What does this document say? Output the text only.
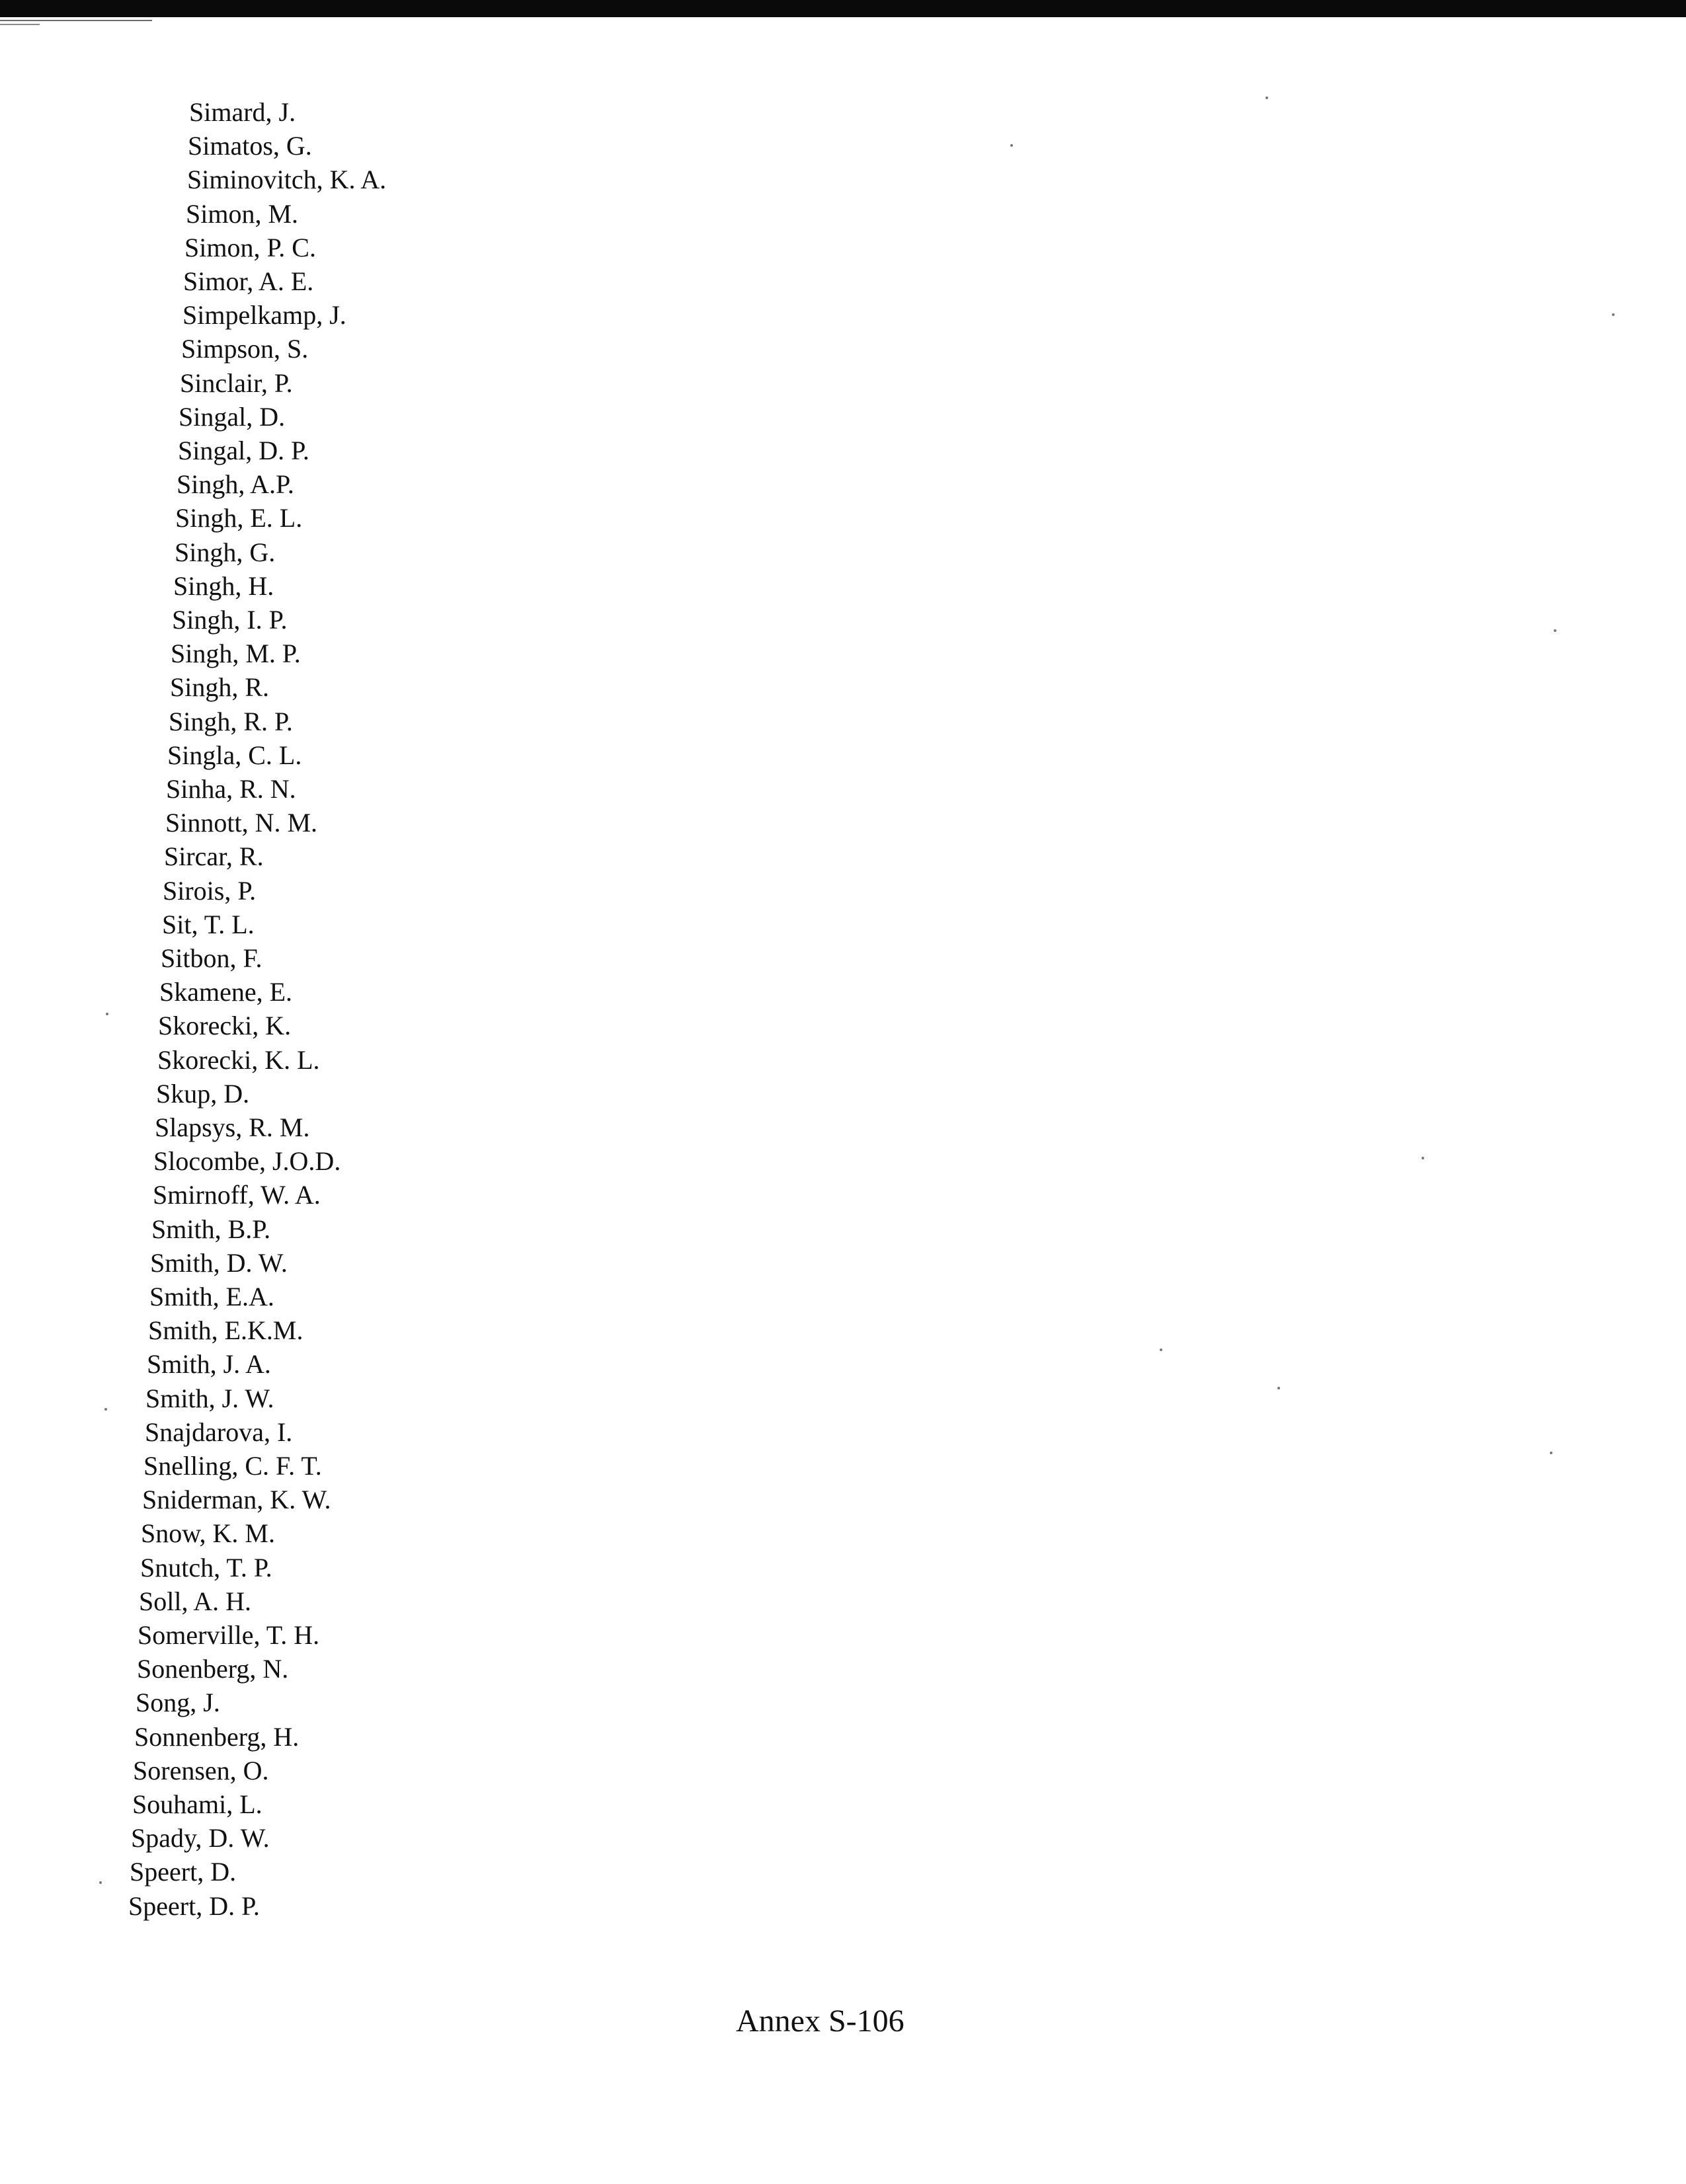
Simard, J.
Simatos, G.
Siminovitch, K. A.
Simon, M.
Simon, P. C.
Simor, A. E.
Simpelkamp, J.
Simpson, S.
Sinclair, P.
Singal, D.
Singal, D. P.
Singh, A.P.
Singh, E. L.
Singh, G.
Singh, H.
Singh, I. P.
Singh, M. P.
Singh, R.
Singh, R. P.
Singla, C. L.
Sinha, R. N.
Sinnott, N. M.
Sircar, R.
Sirois, P.
Sit, T. L.
Sitbon, F.
Skamene, E.
Skorecki, K.
Skorecki, K. L.
Skup, D.
Slapsys, R. M.
Slocombe, J.O.D.
Smirnoff, W. A.
Smith, B.P.
Smith, D. W.
Smith, E.A.
Smith, E.K.M.
Smith, J. A.
Smith, J. W.
Snajdarova, I.
Snelling, C. F. T.
Sniderman, K. W.
Snow, K. M.
Snutch, T. P.
Soll, A. H.
Somerville, T. H.
Sonenberg, N.
Song, J.
Sonnenberg, H.
Sorensen, O.
Souhami, L.
Spady, D. W.
Speert, D.
Speert, D. P.
Annex S-106
